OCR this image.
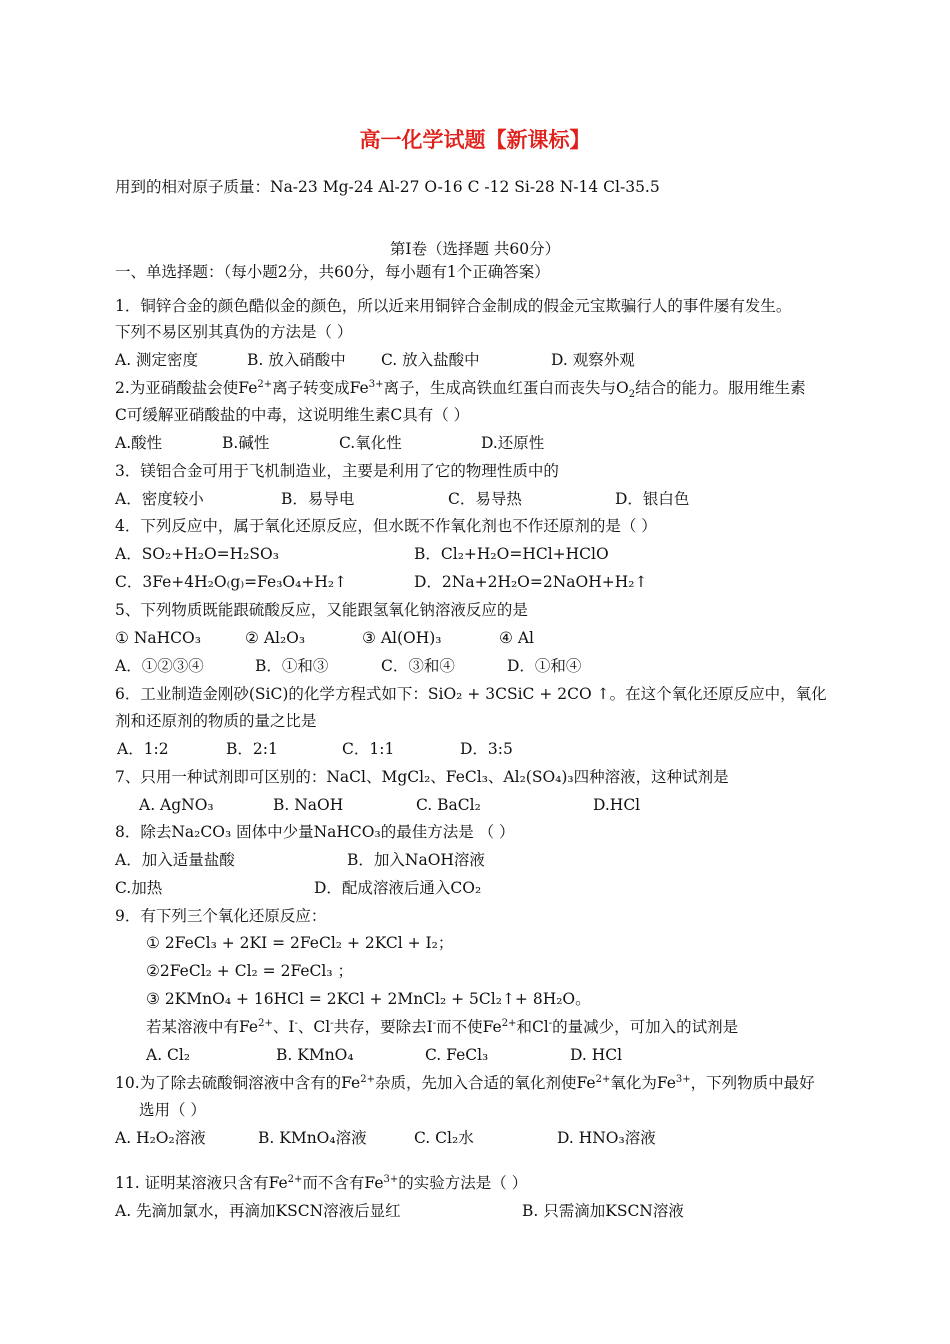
高一化学试题【新课标】
用到的相对原子质量：Na-23 Mg-24 Al-27 O-16 C -12 Si-28 N-14 Cl-35.5
第Ⅰ卷（选择题 共60分）
一、单选择题：（每小题2分，共60分，每小题有1个正确答案）
1．铜锌合金的颜色酷似金的颜色，所以近来用铜锌合金制成的假金元宝欺骗行人的事件屡有发生。
下列不易区别其真伪的方法是（ ）
A. 测定密度	B. 放入硝酸中 C. 放入盐酸中	D. 观察外观
2.为亚硝酸盐会使$Fe^{2+}$离子转变成$Fe^{3+}$离子，生成高铁血红蛋白而丧失与$O_2$结合的能力。服用维生素
C可缓解亚硝酸盐的中毒，这说明维生素C具有（ ）
A.酸性	B.碱性	C.氧化性	D.还原性
3．镁铝合金可用于飞机制造业，主要是利用了它的物理性质中的
A．密度较小	B．易导电	C．易导热	D．银白色
4．下列反应中，属于氧化还原反应，但水既不作氧化剂也不作还原剂的是（ ）
A．SO₂+H₂O=H₂SO₃	B．Cl₂+H₂O=HCl+HClO
C．3Fe+4H₂O₍g₎=Fe₃O₄+H₂↑	D．2Na+2H₂O=2NaOH+H₂↑
5、下列物质既能跟硫酸反应，又能跟氢氧化钠溶液反应的是
① NaHCO₃	② Al₂O₃	③ Al(OH)₃	④ Al
A．①②③④	B．①和③	C．③和④	D．①和④
6．工业制造金刚砂(SiC)的化学方程式如下：SiO₂ + 3CSiC + 2CO ↑。在这个氧化还原反应中，氧化
剂和还原剂的物质的量之比是
A．1:2	B．2:1	C．1:1	D．3:5
7、只用一种试剂即可区别的：NaCl、MgCl₂、FeCl₃、Al₂(SO₄)₃四种溶液，这种试剂是
A. AgNO₃	B. NaOH	C. BaCl₂	D.HCl
8．除去Na₂CO₃ 固体中少量NaHCO₃的最佳方法是 （ ）
A．加入适量盐酸	B．加入NaOH溶液
C.加热	D．配成溶液后通入CO₂
9．有下列三个氧化还原反应：
① 2FeCl₃ + 2KI = 2FeCl₂ + 2KCl + I₂；
②2FeCl₂ + Cl₂ = 2FeCl₃ ；
③ 2KMnO₄ + 16HCl = 2KCl + 2MnCl₂ + 5Cl₂↑+ 8H₂O。
若某溶液中有$Fe^{2+}$、I-、Cl-共存，要除去I-而不使$Fe^{2+}$和Cl-的量减少，可加入的试剂是
A. Cl₂	B. KMnO₄	C. FeCl₃	D. HCl
10.为了除去硫酸铜溶液中含有的$Fe^{2+}$杂质，先加入合适的氧化剂使$Fe^{2+}$氧化为$Fe^{3+}$，下列物质中最好
选用（ ）
A. H₂O₂溶液	B. KMnO₄溶液	C. Cl₂水	D. HNO₃溶液
11. 证明某溶液只含有$Fe^{2+}$而不含有$Fe^{3+}$的实验方法是（ ）
A. 先滴加氯水，再滴加KSCN溶液后显红	B. 只需滴加KSCN溶液
